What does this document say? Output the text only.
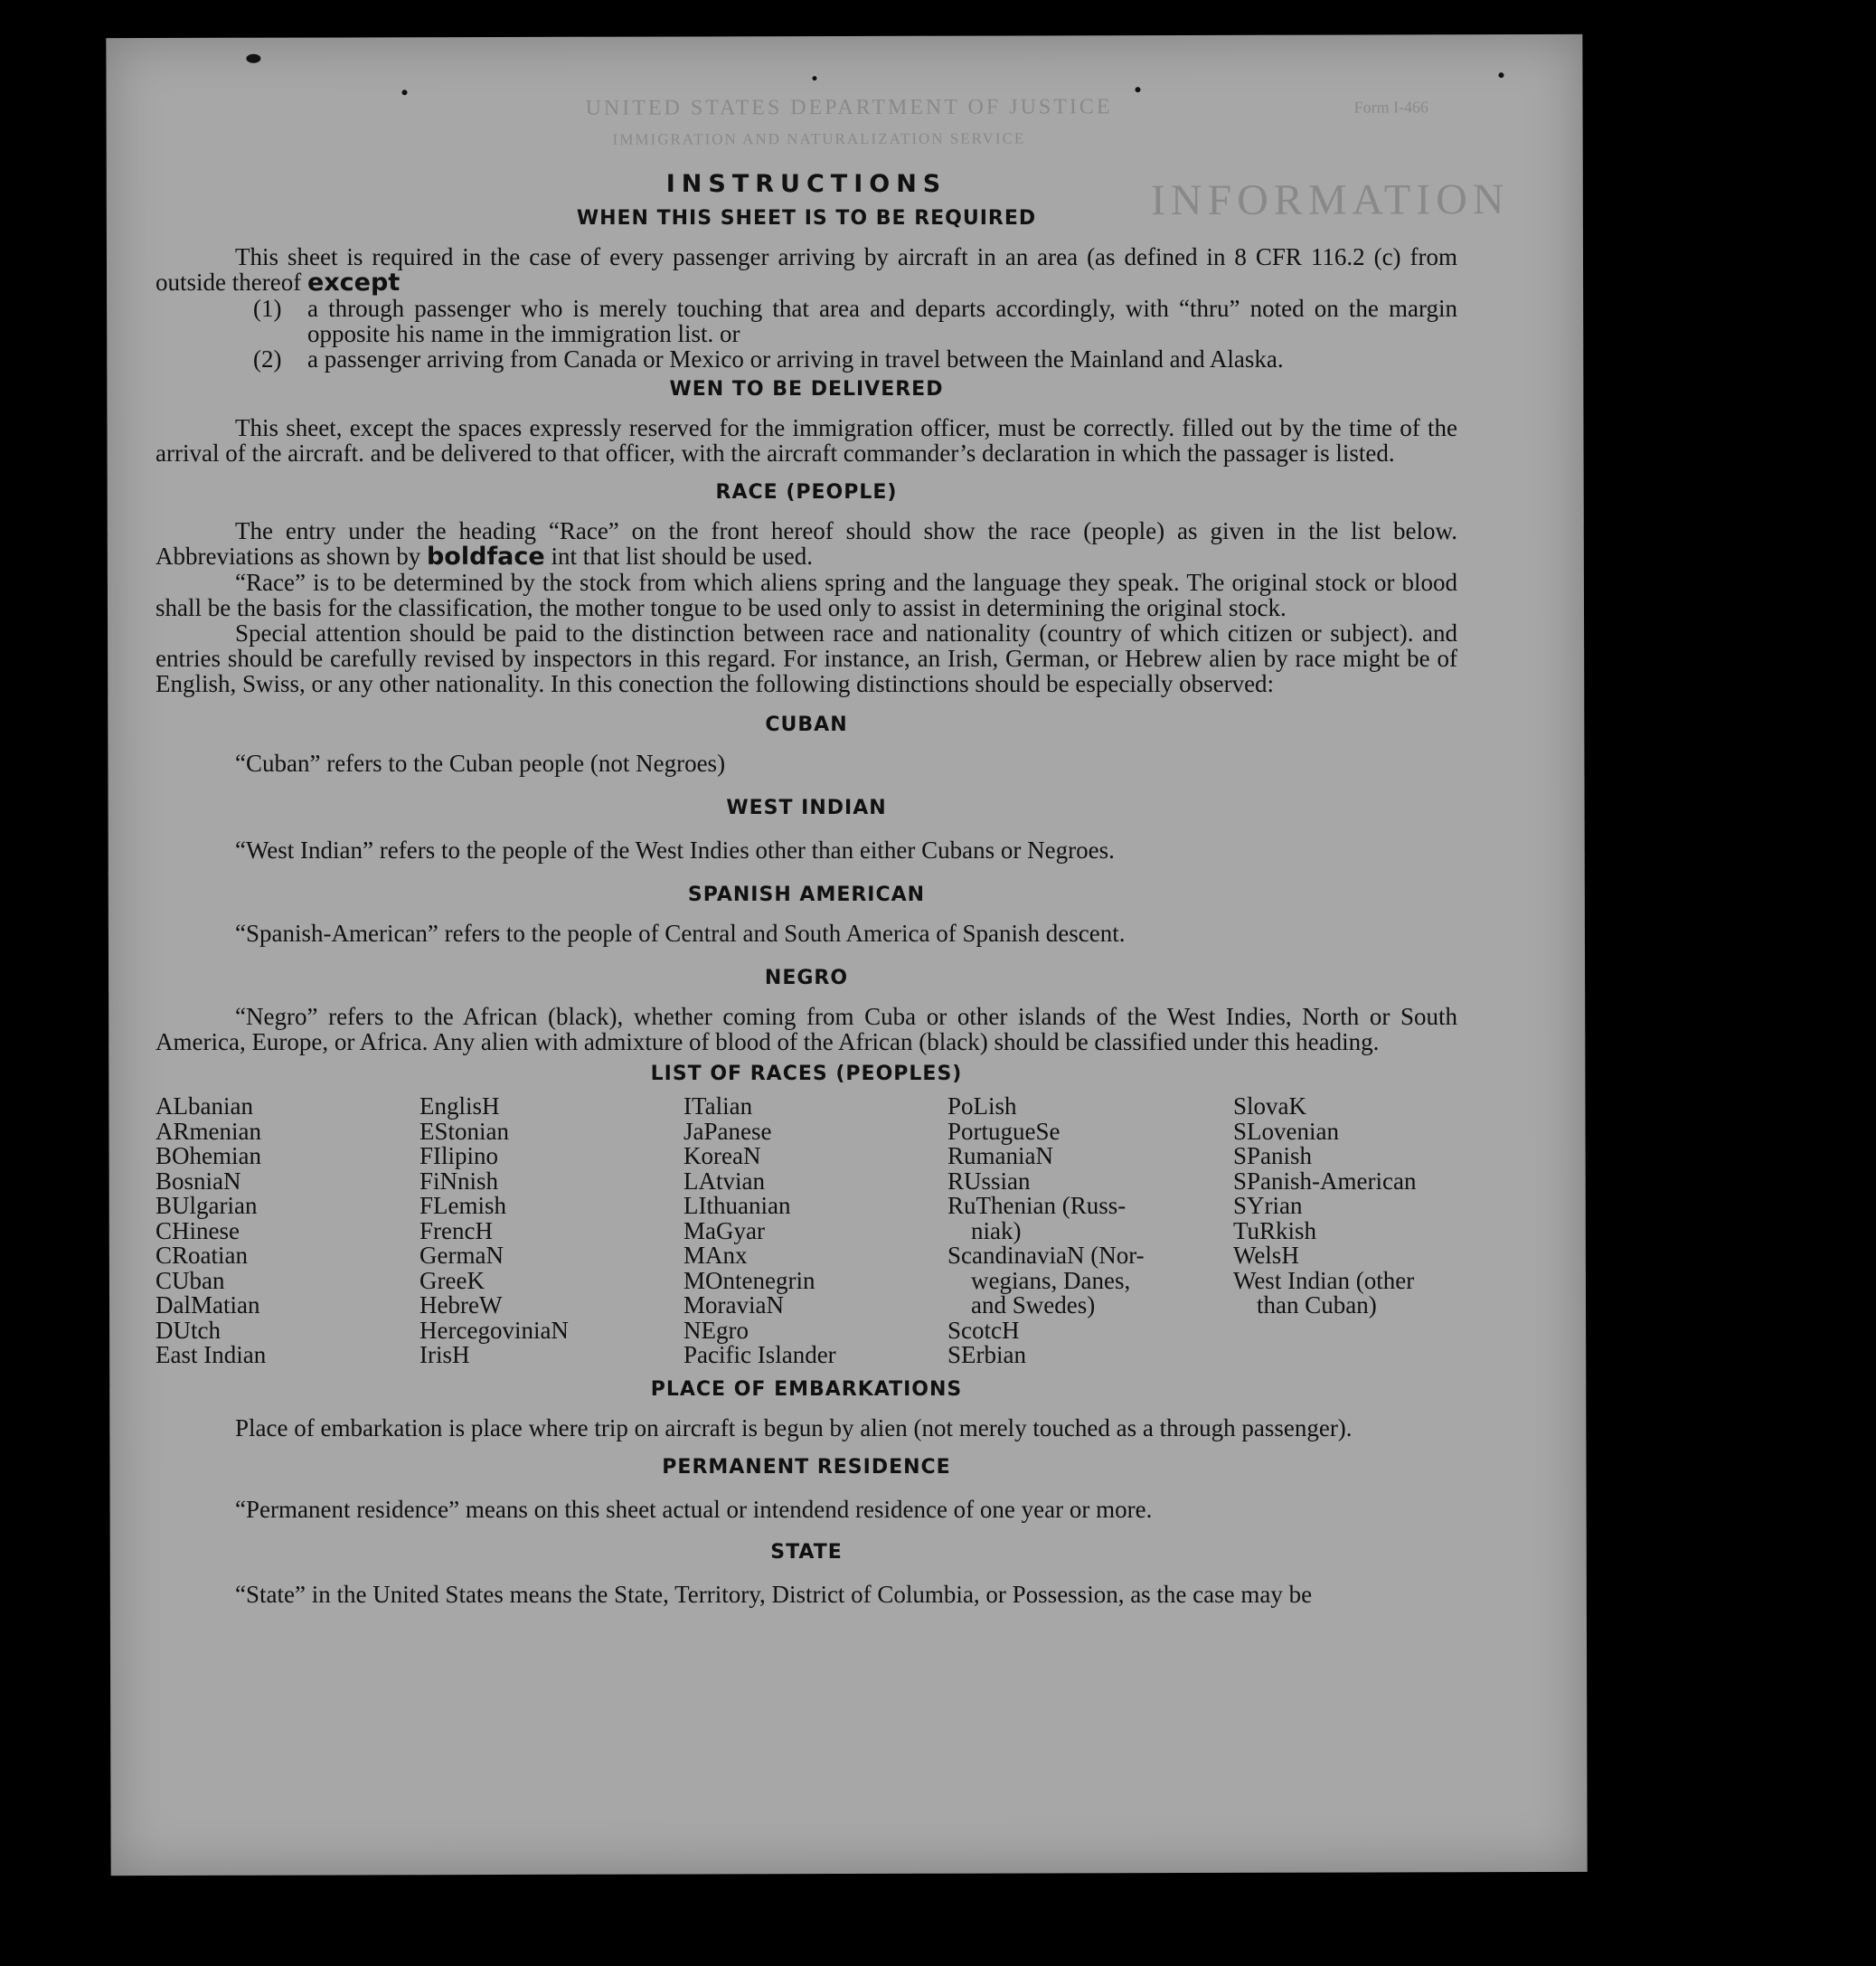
UNITED STATES DEPARTMENT OF JUSTICE
IMMIGRATION AND NATURALIZATION SERVICE
INFORMATION
Form I-466
INSTRUCTIONS
WHEN THIS SHEET IS TO BE REQUIRED

This sheet is required in the case of every passenger arriving by aircraft in an area (as defined in 8 CFR 116.2 (c) from outside thereof except

(1)	a through passenger who is merely touching that area and departs accordingly, with “thru” noted on the margin opposite his name in the immigration list. or
(2)	a passenger arriving from Canada or Mexico or arriving in travel between the Mainland and Alaska.
WEN TO BE DELIVERED

This sheet, except the spaces expressly reserved for the immigration officer, must be correctly. filled out by the time of the arrival of the aircraft. and be delivered to that officer, with the aircraft commander’s declaration in which the passager is listed.

RACE (PEOPLE)

The entry under the heading “Race” on the front hereof should show the race (people) as given in the list below. Abbreviations as shown by boldface int that list should be used.

“Race” is to be determined by the stock from which aliens spring and the language they speak. The original stock or blood shall be the basis for the classification, the mother tongue to be used only to assist in determining the original stock.

Special attention should be paid to the distinction between race and nationality (country of which citizen or subject). and entries should be carefully revised by inspectors in this regard. For instance, an Irish, German, or Hebrew alien by race might be of English, Swiss, or any other nationality. In this conection the following distinctions should be especially observed:

CUBAN

“Cuban” refers to the Cuban people (not Negroes)

WEST INDIAN

“West Indian” refers to the people of the West Indies other than either Cubans or Negroes.

SPANISH AMERICAN

“Spanish-American” refers to the people of Central and South America of Spanish descent.

NEGRO

“Negro” refers to the African (black), whether coming from Cuba or other islands of the West Indies, North or South America, Europe, or Africa. Any alien with admixture of blood of the African (black) should be classified under this heading.

LIST OF RACES (PEOPLES)
ALbanian
ARmenian
BOhemian
BosniaN
BUlgarian
CHinese
CRoatian
CUban
DalMatian
DUtch
East Indian
EnglisH
EStonian
FIlipino
FiNnish
FLemish
FrencH
GermaN
GreeK
HebreW
HercegoviniaN
IrisH
ITalian
JaPanese
KoreaN
LAtvian
LIthuanian
MaGyar
MAnx
MOntenegrin
MoraviaN
NEgro
Pacific Islander
PoLish
PortugueSe
RumaniaN
RUssian
RuThenian (Russ-
niak)
ScandinaviaN (Nor-
wegians, Danes,
and Swedes)
ScotcH
SErbian
SlovaK
SLovenian
SPanish
SPanish-American
SYrian
TuRkish
WelsH
West Indian (other
than Cuban)
PLACE OF EMBARKATIONS

Place of embarkation is place where trip on aircraft is begun by alien (not merely touched as a through passenger).

PERMANENT RESIDENCE

“Permanent residence” means on this sheet actual or intendend residence of one year or more.

STATE

“State” in the United States means the State, Territory, District of Columbia, or Possession, as the case may be
